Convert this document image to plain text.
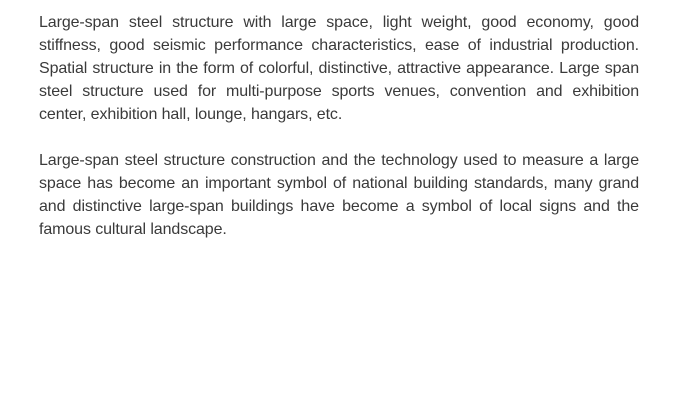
Large-span steel structure with large space, light weight, good economy, good stiffness, good seismic performance characteristics, ease of industrial production. Spatial structure in the form of colorful, distinctive, attractive appearance. Large span steel structure used for multi-purpose sports venues, convention and exhibition center, exhibition hall, lounge, hangars, etc.

Large-span steel structure construction and the technology used to measure a large space has become an important symbol of national building standards, many grand and distinctive large-span buildings have become a symbol of local signs and the famous cultural landscape.
